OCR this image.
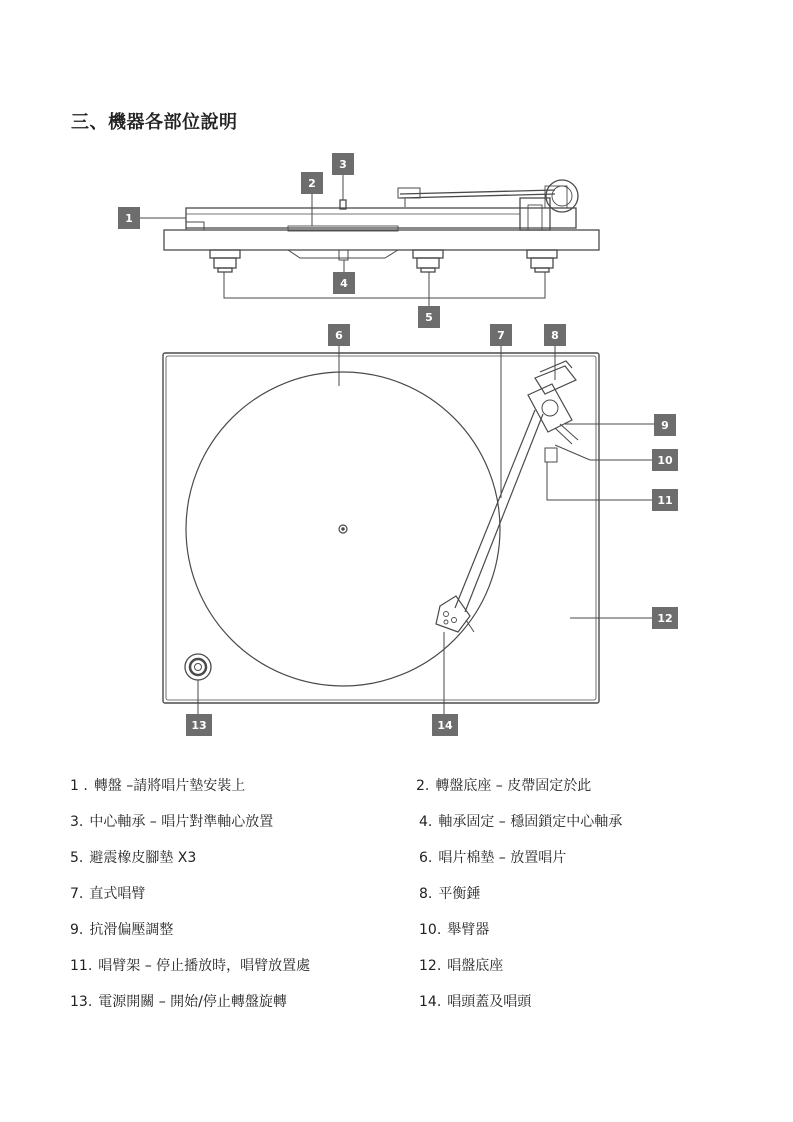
三、機器各部位說明
1
2
3
4
5
6	7	8
9
10
11
12
13	14
1 . 轉盤 –請將唱片墊安裝上	2. 轉盤底座 – 皮帶固定於此
3. 中心軸承 – 唱片對準軸心放置	4. 軸承固定 – 穩固鎖定中心軸承
5. 避震橡皮腳墊 X3	6. 唱片棉墊 – 放置唱片
7. 直式唱臂	8. 平衡錘
9. 抗滑偏壓調整	10. 舉臂器
11. 唱臂架 – 停止播放時，唱臂放置處	12. 唱盤底座
13. 電源開關 – 開始/停止轉盤旋轉	14. 唱頭蓋及唱頭
